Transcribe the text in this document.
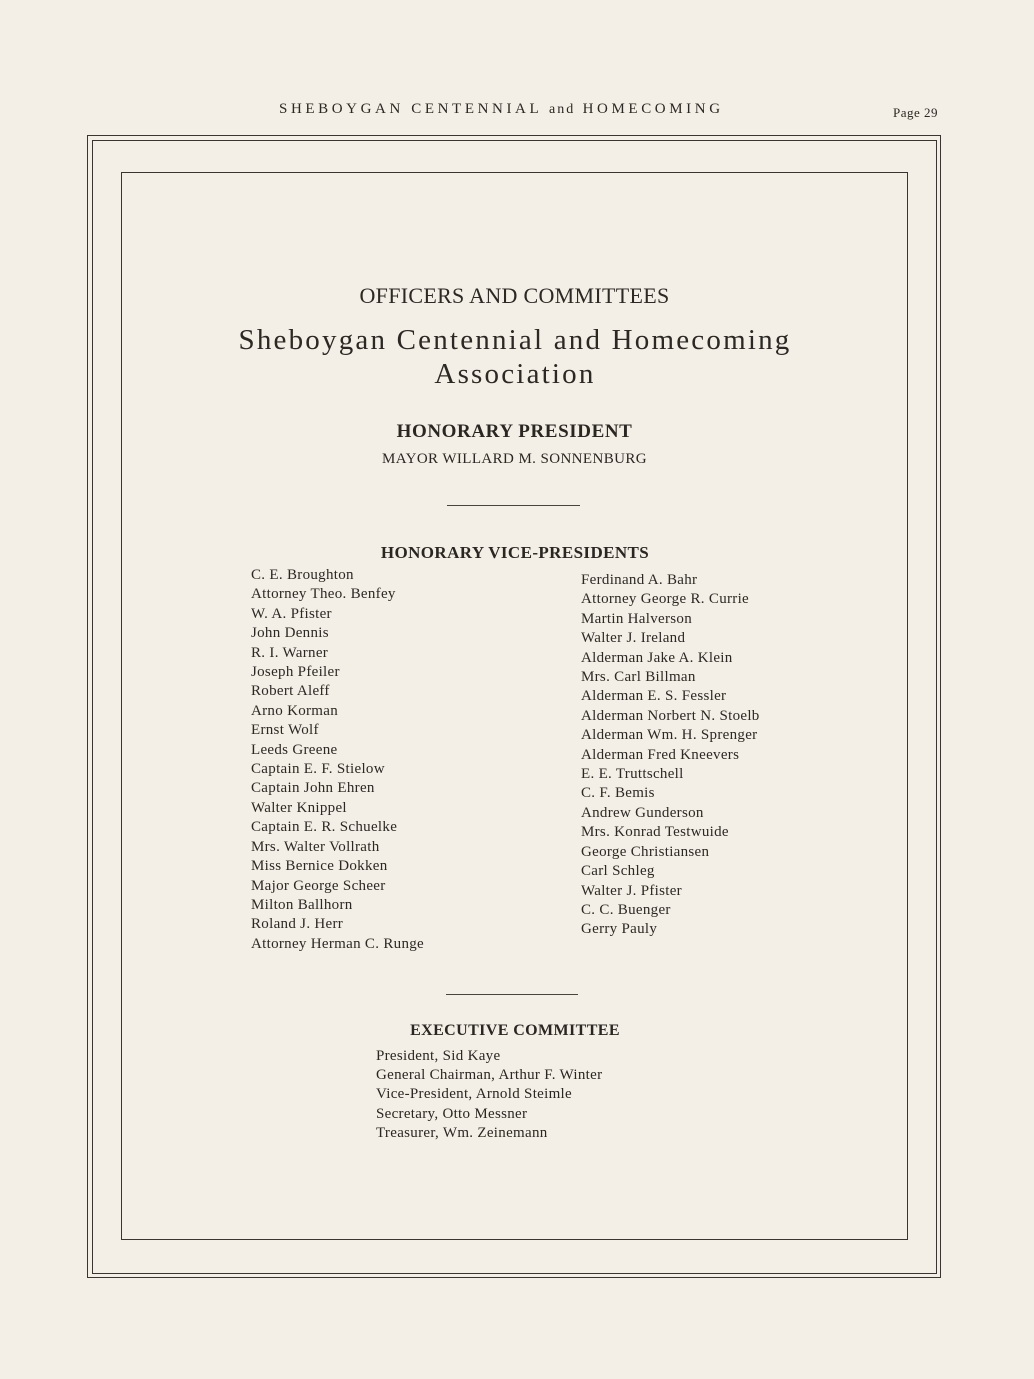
SHEBOYGAN CENTENNIAL and HOMECOMING	Page 29
OFFICERS AND COMMITTEES
Sheboygan Centennial and Homecoming
Association
HONORARY PRESIDENT
MAYOR WILLARD M. SONNENBURG
HONORARY VICE-PRESIDENTS
C. E. Broughton
Attorney Theo. Benfey
W. A. Pfister
John Dennis
R. I. Warner
Joseph Pfeiler
Robert Aleff
Arno Korman
Ernst Wolf
Leeds Greene
Captain E. F. Stielow
Captain John Ehren
Walter Knippel
Captain E. R. Schuelke
Mrs. Walter Vollrath
Miss Bernice Dokken
Major George Scheer
Milton Ballhorn
Roland J. Herr
Attorney Herman C. Runge
Ferdinand A. Bahr
Attorney George R. Currie
Martin Halverson
Walter J. Ireland
Alderman Jake A. Klein
Mrs. Carl Billman
Alderman E. S. Fessler
Alderman Norbert N. Stoelb
Alderman Wm. H. Sprenger
Alderman Fred Kneevers
E. E. Truttschell
C. F. Bemis
Andrew Gunderson
Mrs. Konrad Testwuide
George Christiansen
Carl Schleg
Walter J. Pfister
C. C. Buenger
Gerry Pauly
EXECUTIVE COMMITTEE
President, Sid Kaye
General Chairman, Arthur F. Winter
Vice-President, Arnold Steimle
Secretary, Otto Messner
Treasurer, Wm. Zeinemann
